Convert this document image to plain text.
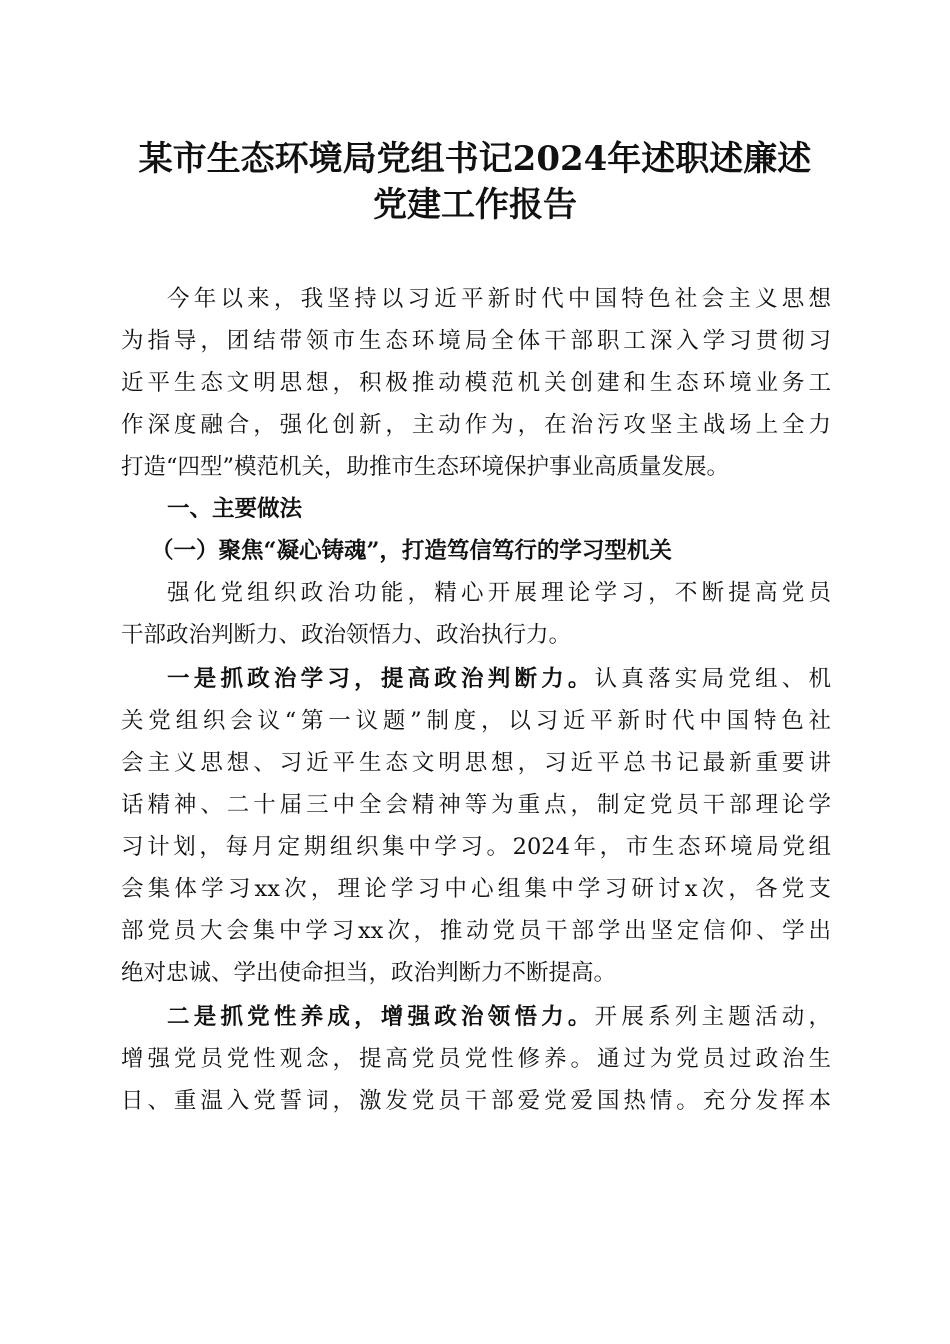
某市生态环境局党组书记2024年述职述廉述
党建工作报告
今年以来，我坚持以习近平新时代中国特色社会主义思想
为指导，团结带领市生态环境局全体干部职工深入学习贯彻习
近平生态文明思想，积极推动模范机关创建和生态环境业务工
作深度融合，强化创新，主动作为，在治污攻坚主战场上全力
打造“四型”模范机关，助推市生态环境保护事业高质量发展。
一、主要做法
（一）聚焦“凝心铸魂”，打造笃信笃行的学习型机关
强化党组织政治功能，精心开展理论学习，不断提高党员
干部政治判断力、政治领悟力、政治执行力。
一是抓政治学习，提高政治判断力。认真落实局党组、机
关党组织会议“第一议题”制度，以习近平新时代中国特色社
会主义思想、习近平生态文明思想，习近平总书记最新重要讲
话精神、二十届三中全会精神等为重点，制定党员干部理论学
习计划，每月定期组织集中学习。2024年，市生态环境局党组
会集体学习xx次，理论学习中心组集中学习研讨x次，各党支
部党员大会集中学习xx次，推动党员干部学出坚定信仰、学出
绝对忠诚、学出使命担当，政治判断力不断提高。
二是抓党性养成，增强政治领悟力。开展系列主题活动，
增强党员党性观念，提高党员党性修养。通过为党员过政治生
日、重温入党誓词，激发党员干部爱党爱国热情。充分发挥本
